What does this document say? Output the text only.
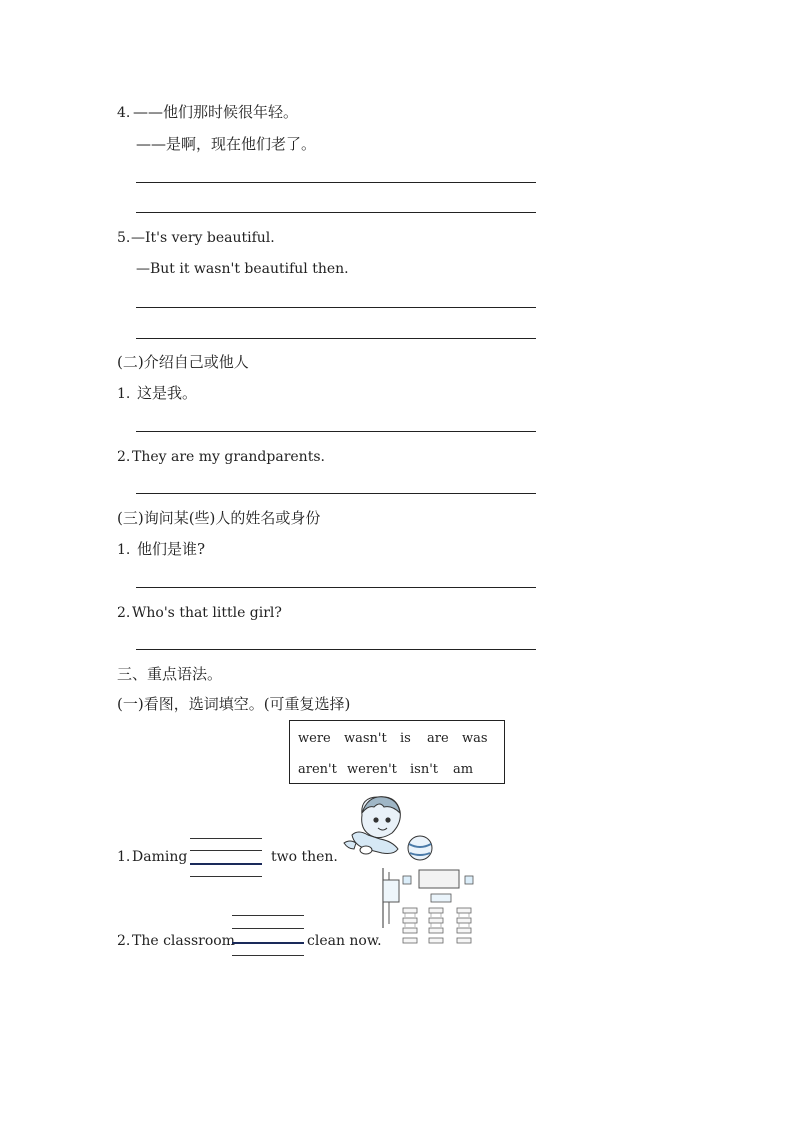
4. ——他们那时候很年轻。
——是啊，现在他们老了。
5. —It's very beautiful.
—But it wasn't beautiful then.
(二)介绍自己或他人
1. 这是我。
2. They are my grandparents.
(三)询问某(些)人的姓名或身份
1. 他们是谁?
2. Who's that little girl?
三、重点语法。
(一)看图，选词填空。(可重复选择)
were wasn't is are was
aren't weren't isn't am
1. Daming	two then.
2. The classroom	clean now.
